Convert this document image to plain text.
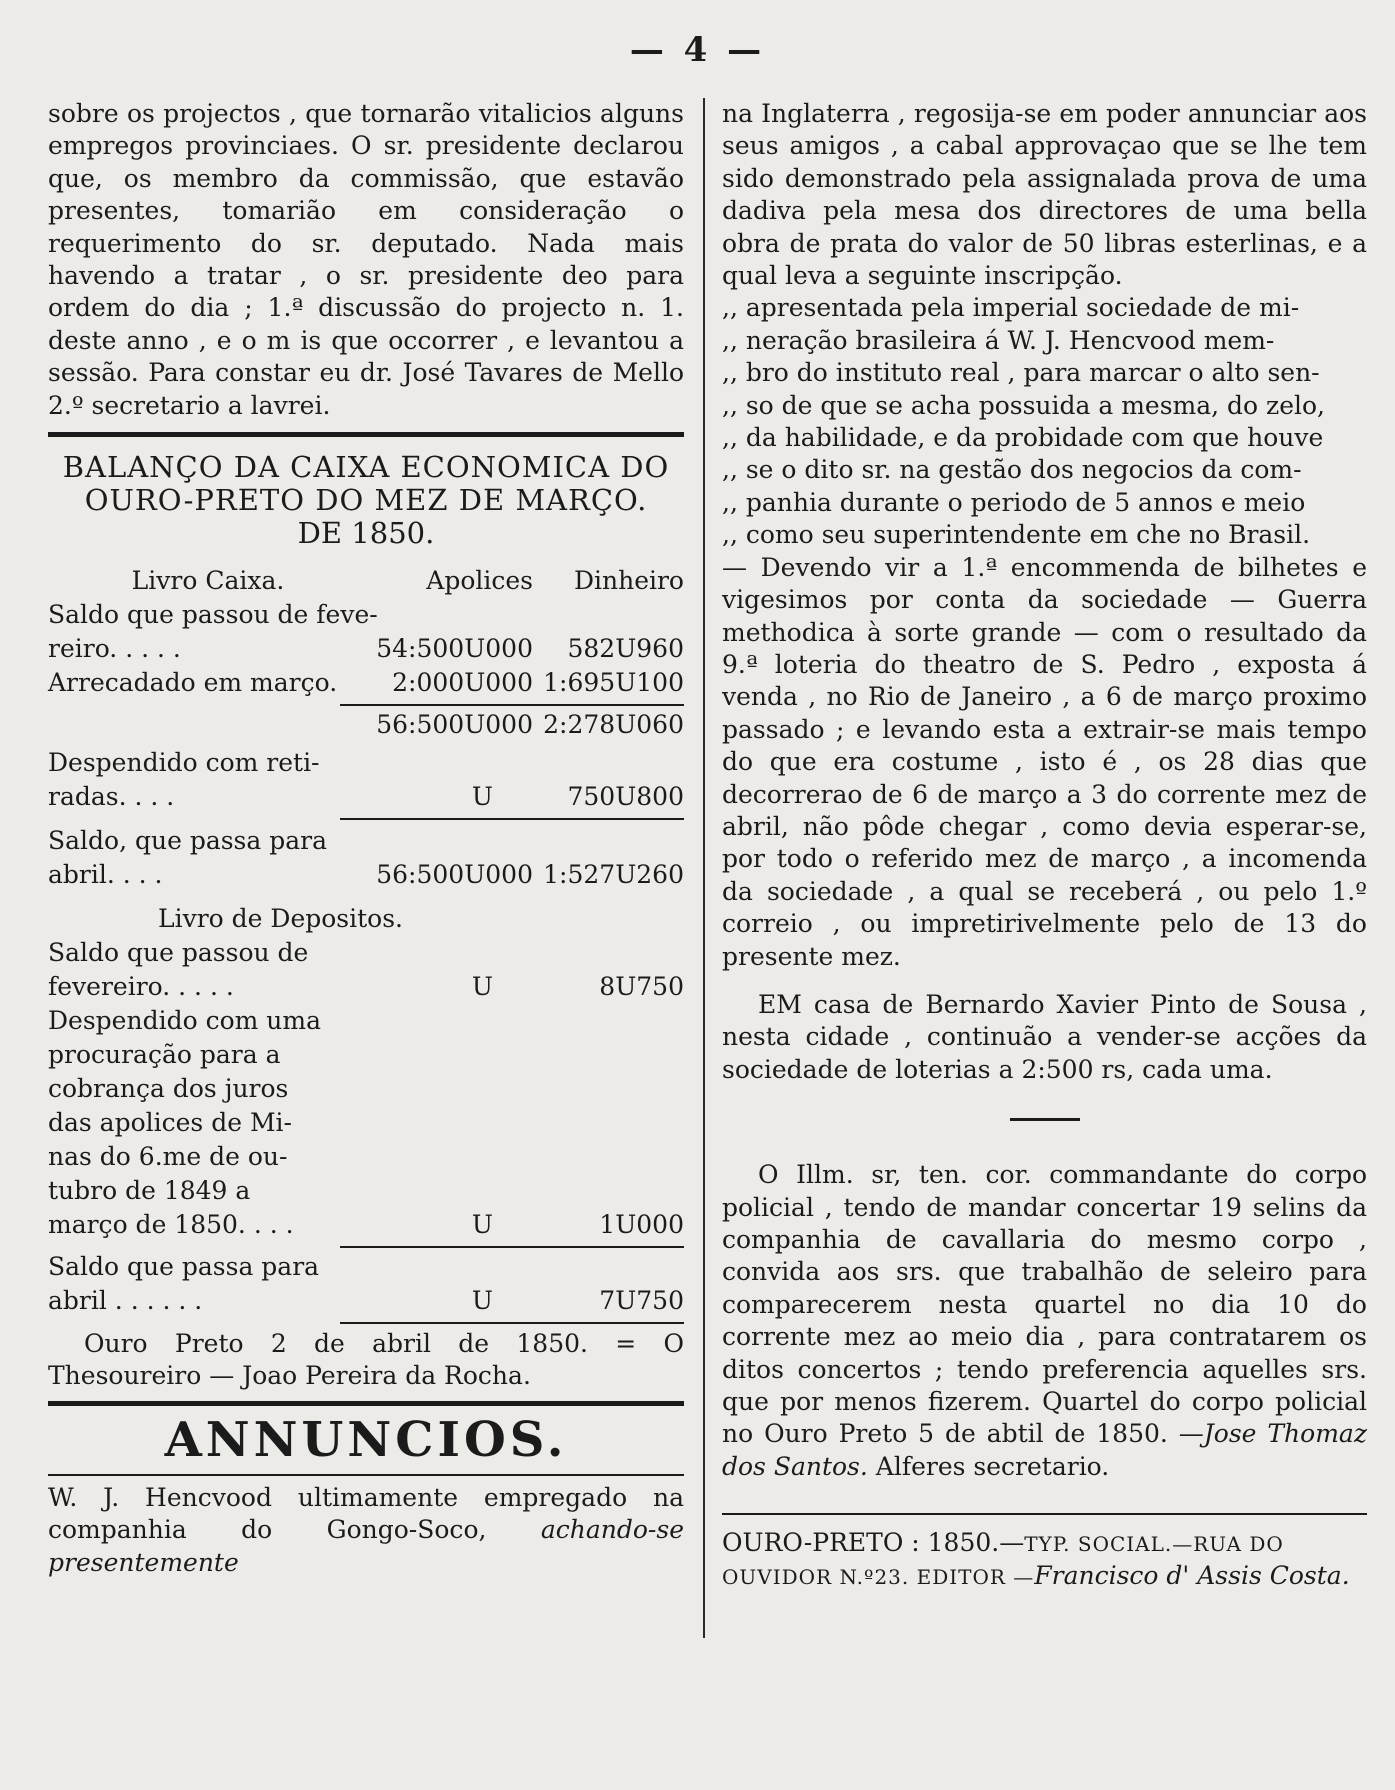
— 4 —

sobre os projectos , que tornarão vitalicios alguns empregos provinciaes. O sr. presidente declarou que, os membro da commissão, que estavão presentes, tomarião em consideração o requerimento do sr. deputado. Nada mais havendo a tratar , o sr. presidente deo para ordem do dia ; 1.ª discussão do projecto n. 1. deste anno , e o m is que occorrer , e levantou a sessão. Para constar eu dr. José Tavares de Mello 2.º secretario a lavrei.

BALANÇO DA CAIXA ECONOMICA DO OURO-PRETO DO MEZ DE MARÇO.
DE 1850.
Livro Caixa.	Apolices	Dinheiro
Saldo que passou de feve-
reiro. . . . .	54:500U000	582U960
Arrecadado em março.	2:000U000 1:695U100
56:500U000 2:278U060
Despendido com reti-
radas. . . .	U	750U800
Saldo, que passa para
abril. . . .	56:500U000 1:527U260
Livro de Depositos.
Saldo que passou de
fevereiro. . . . .	U	8U750
Despendido com uma
procuração para a
cobrança dos juros
das apolices de Mi-
nas do 6.me de ou-
tubro de 1849 a
março de 1850. . . .	U	1U000
Saldo que passa para
abril . . . . . .	U	7U750

Ouro Preto 2 de abril de 1850. = O Thesoureiro — Joao Pereira da Rocha.

ANNUNCIOS.

W. J. Hencvood ultimamente empregado na companhia do Gongo-Soco, achando-se presentemente

na Inglaterra , regosija-se em poder annunciar aos seus amigos , a cabal approvaçao que se lhe tem sido demonstrado pela assignalada prova de uma dadiva pela mesa dos directores de uma bella obra de prata do valor de 50 libras esterlinas, e a qual leva a seguinte inscripção.

,, apresentada pela imperial sociedade de mi-

,, neração brasileira á W. J. Hencvood mem-

,, bro do instituto real , para marcar o alto sen-

,, so de que se acha possuida a mesma, do zelo,

,, da habilidade, e da probidade com que houve

,, se o dito sr. na gestão dos negocios da com-

,, panhia durante o periodo de 5 annos e meio

,, como seu superintendente em che no Brasil.

— Devendo vir a 1.ª encommenda de bilhetes e vigesimos por conta da sociedade — Guerra methodica à sorte grande — com o resultado da 9.ª loteria do theatro de S. Pedro , exposta á venda , no Rio de Janeiro , a 6 de março proximo passado ; e levando esta a extrair-se mais tempo do que era costume , isto é , os 28 dias que decorrerao de 6 de março a 3 do corrente mez de abril, não pôde chegar , como devia esperar-se, por todo o referido mez de março , a incomenda da sociedade , a qual se receberá , ou pelo 1.º correio , ou impretirivelmente pelo de 13 do presente mez.

EM casa de Bernardo Xavier Pinto de Sousa , nesta cidade , continuão a vender-se acções da sociedade de loterias a 2:500 rs, cada uma.

O Illm. sr, ten. cor. commandante do corpo policial , tendo de mandar concertar 19 selins da companhia de cavallaria do mesmo corpo , convida aos srs. que trabalhão de seleiro para comparecerem nesta quartel no dia 10 do corrente mez ao meio dia , para contratarem os ditos concertos ; tendo preferencia aquelles srs. que por menos fizerem. Quartel do corpo policial no Ouro Preto 5 de abtil de 1850. —Jose Thomaz dos Santos. Alferes secretario.

OURO-PRETO : 1850.—TYP. SOCIAL.—RUA DO OUVIDOR N.º23. EDITOR —Francisco d' Assis Costa.
